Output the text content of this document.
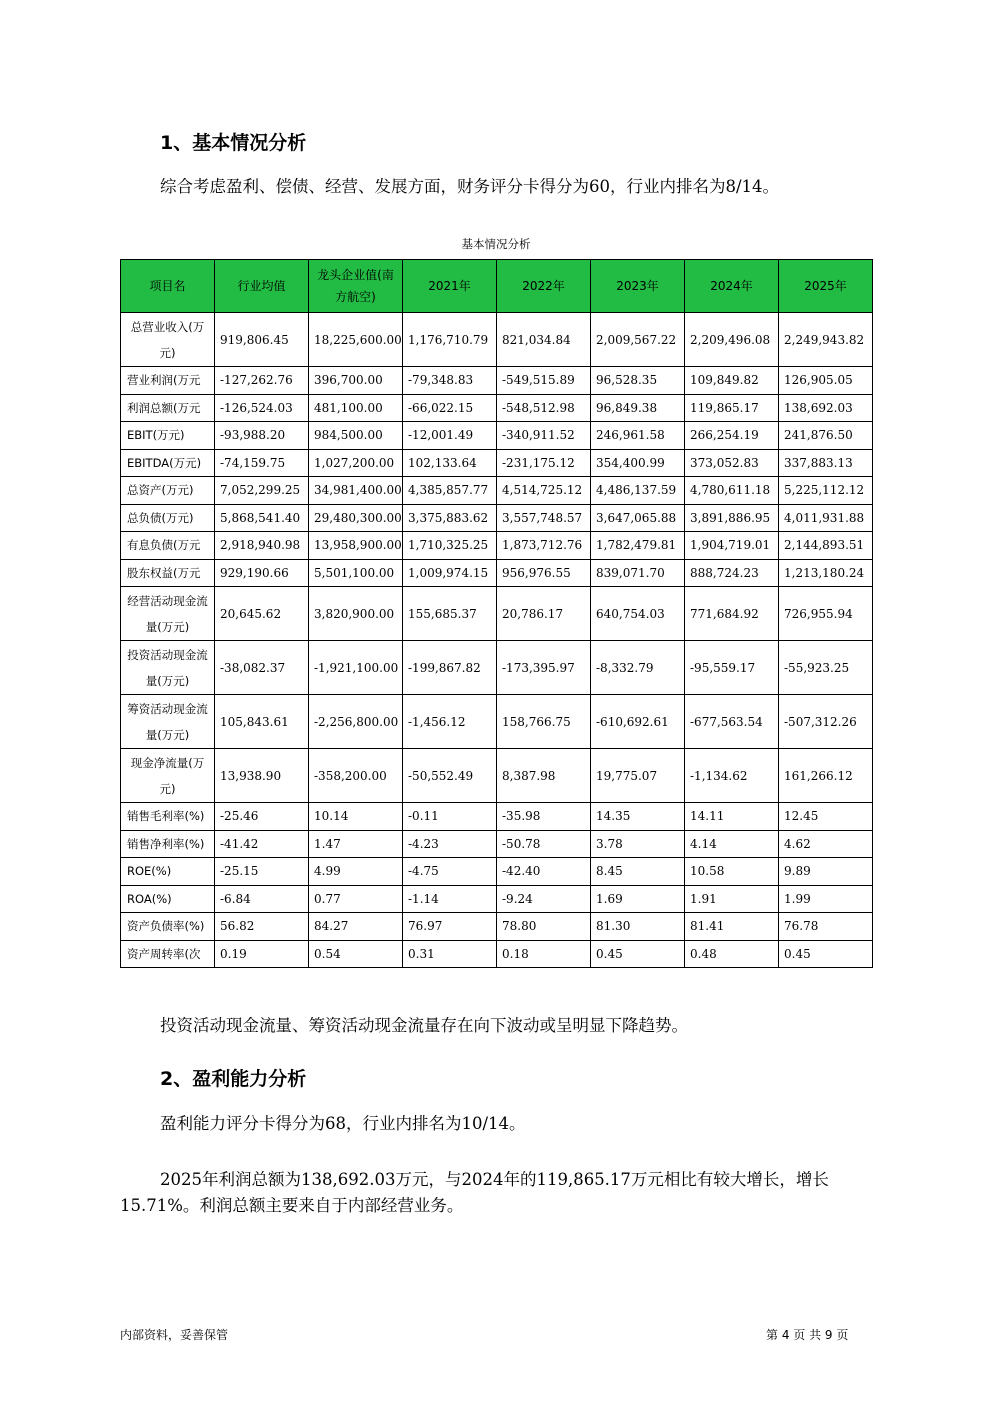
1、基本情况分析

综合考虑盈利、偿债、经营、发展方面，财务评分卡得分为60，行业内排名为8/14。

基本情况分析
项目名	行业均值	龙头企业值(南方航空)	2021年	2022年	2023年	2024年	2025年
总营业收入(万元)	919,806.45	18,225,600.00	1,176,710.79	821,034.84	2,009,567.22	2,209,496.08	2,249,943.82
营业利润(万元	-127,262.76	396,700.00	-79,348.83	-549,515.89	96,528.35	109,849.82	126,905.05
利润总额(万元	-126,524.03	481,100.00	-66,022.15	-548,512.98	96,849.38	119,865.17	138,692.03
EBIT(万元)	-93,988.20	984,500.00	-12,001.49	-340,911.52	246,961.58	266,254.19	241,876.50
EBITDA(万元)	-74,159.75	1,027,200.00	102,133.64	-231,175.12	354,400.99	373,052.83	337,883.13
总资产(万元)	7,052,299.25	34,981,400.00	4,385,857.77	4,514,725.12	4,486,137.59	4,780,611.18	5,225,112.12
总负债(万元)	5,868,541.40	29,480,300.00	3,375,883.62	3,557,748.57	3,647,065.88	3,891,886.95	4,011,931.88
有息负债(万元	2,918,940.98	13,958,900.00	1,710,325.25	1,873,712.76	1,782,479.81	1,904,719.01	2,144,893.51
股东权益(万元	929,190.66	5,501,100.00	1,009,974.15	956,976.55	839,071.70	888,724.23	1,213,180.24
经营活动现金流量(万元)	20,645.62	3,820,900.00	155,685.37	20,786.17	640,754.03	771,684.92	726,955.94
投资活动现金流量(万元)	-38,082.37	-1,921,100.00	-199,867.82	-173,395.97	-8,332.79	-95,559.17	-55,923.25
筹资活动现金流量(万元)	105,843.61	-2,256,800.00	-1,456.12	158,766.75	-610,692.61	-677,563.54	-507,312.26
现金净流量(万元)	13,938.90	-358,200.00	-50,552.49	8,387.98	19,775.07	-1,134.62	161,266.12
销售毛利率(%)	-25.46	10.14	-0.11	-35.98	14.35	14.11	12.45
销售净利率(%)	-41.42	1.47	-4.23	-50.78	3.78	4.14	4.62
ROE(%)	-25.15	4.99	-4.75	-42.40	8.45	10.58	9.89
ROA(%)	-6.84	0.77	-1.14	-9.24	1.69	1.91	1.99
资产负债率(%)	56.82	84.27	76.97	78.80	81.30	81.41	76.78
资产周转率(次	0.19	0.54	0.31	0.18	0.45	0.48	0.45

投资活动现金流量、筹资活动现金流量存在向下波动或呈明显下降趋势。

2、盈利能力分析

盈利能力评分卡得分为68，行业内排名为10/14。

2025年利润总额为138,692.03万元，与2024年的119,865.17万元相比有较大增长，增长15.71%。利润总额主要来自于内部经营业务。

内部资料，妥善保管	第 4 页 共 9 页
